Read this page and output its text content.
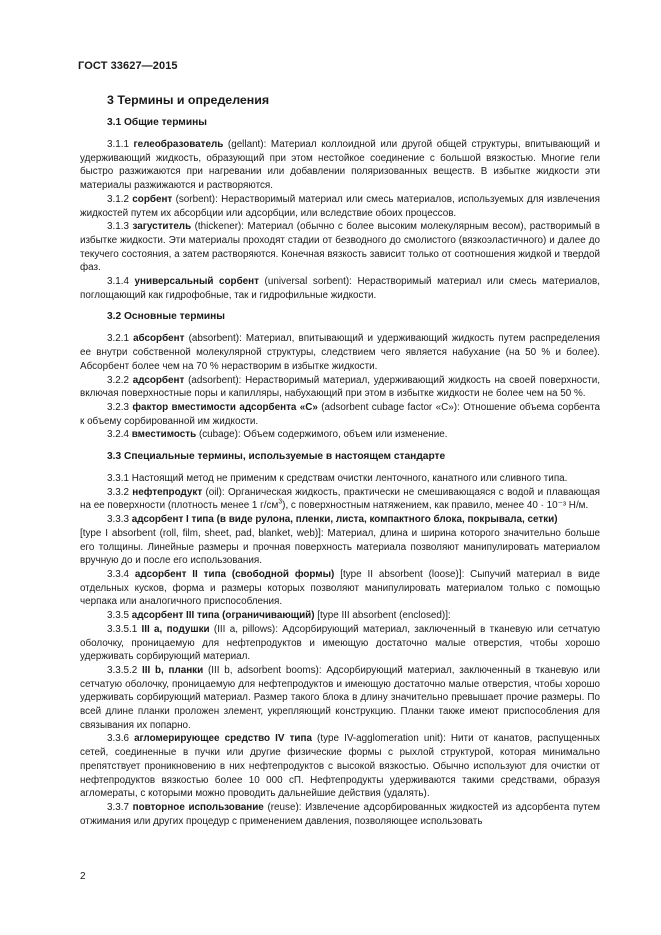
ГОСТ 33627—2015
3 Термины и определения
3.1 Общие термины

3.1.1 гелеобразователь (gellant): Материал коллоидной или другой общей структуры, впитывающий и удерживающий жидкость, образующий при этом нестойкое соединение с большой вязкостью. Многие гели быстро разжижаются при нагревании или добавлении поляризованных веществ. В избытке жидкости эти материалы разжижаются и растворяются.

3.1.2 сорбент (sorbent): Нерастворимый материал или смесь материалов, используемых для извлечения жидкостей путем их абсорбции или адсорбции, или вследствие обоих процессов.

3.1.3 загуститель (thickener): Материал (обычно с более высоким молекулярным весом), растворимый в избытке жидкости. Эти материалы проходят стадии от безводного до смолистого (вязкоэластичного) и далее до текучего состояния, а затем растворяются. Конечная вязкость зависит только от соотношения жидкой и твердой фаз.

3.1.4 универсальный сорбент (universal sorbent): Нерастворимый материал или смесь материалов, поглощающий как гидрофобные, так и гидрофильные жидкости.

3.2 Основные термины

3.2.1 абсорбент (absorbent): Материал, впитывающий и удерживающий жидкость путем распределения ее внутри собственной молекулярной структуры, следствием чего является набухание (на 50 % и более). Абсорбент более чем на 70 % нерастворим в избытке жидкости.

3.2.2 адсорбент (adsorbent): Нерастворимый материал, удерживающий жидкость на своей поверхности, включая поверхностные поры и капилляры, набухающий при этом в избытке жидкости не более чем на 50 %.

3.2.3 фактор вместимости адсорбента «С» (adsorbent cubage factor «С»): Отношение объема сорбента к объему сорбированной им жидкости.

3.2.4 вместимость (cubage): Объем содержимого, объем или изменение.

3.3 Специальные термины, используемые в настоящем стандарте

3.3.1 Настоящий метод не применим к средствам очистки ленточного, канатного или сливного типа.

3.3.2 нефтепродукт (oil): Органическая жидкость, практически не смешивающаяся с водой и плавающая на ее поверхности (плотность менее 1 $г/см^3$), с поверхностным натяжением, как правило, менее 40 · 10⁻³ Н/м.

3.3.3 адсорбент I типа (в виде рулона, пленки, листа, компактного блока, покрывала, сетки)

[type I absorbent (roll, film, sheet, pad, blanket, web)]: Материал, длина и ширина которого значительно больше его толщины. Линейные размеры и прочная поверхность материала позволяют манипулировать материалом вручную до и после его использования.

3.3.4 адсорбент II типа (свободной формы) [type II absorbent (loose)]: Сыпучий материал в виде отдельных кусков, форма и размеры которых позволяют манипулировать материалом только с помощью черпака или аналогичного приспособления.

3.3.5 адсорбент III типа (ограничивающий) [type III absorbent (enclosed)]:

3.3.5.1 III а, подушки (III a, pillows): Адсорбирующий материал, заключенный в тканевую или сетчатую оболочку, проницаемую для нефтепродуктов и имеющую достаточно малые отверстия, чтобы хорошо удерживать сорбирующий материал.

3.3.5.2 III b, планки (III b, adsorbent booms): Адсорбирующий материал, заключенный в тканевую или сетчатую оболочку, проницаемую для нефтепродуктов и имеющую достаточно малые отверстия, чтобы хорошо удерживать сорбирующий материал. Размер такого блока в длину значительно превышает прочие размеры. По всей длине планки проложен злемент, укрепляющий конструкцию. Планки также имеют приспособления для связывания их попарно.

3.3.6 агломерирующее средство IV типа (type IV-agglomeration unit): Нити от канатов, распущенных сетей, соединенные в пучки или другие физические формы с рыхлой структурой, которая минимально препятствует проникновению в них нефтепродуктов с высокой вязкостью. Обычно используют для очистки от нефтепродуктов вязкостью более 10 000 сП. Нефтепродукты удерживаются такими средствами, образуя агломераты, с которыми можно проводить дальнейшие действия (удалять).

3.3.7 повторное использование (reuse): Извлечение адсорбированных жидкостей из адсорбента путем отжимания или других процедур с применением давления, позволяющее использовать

2
